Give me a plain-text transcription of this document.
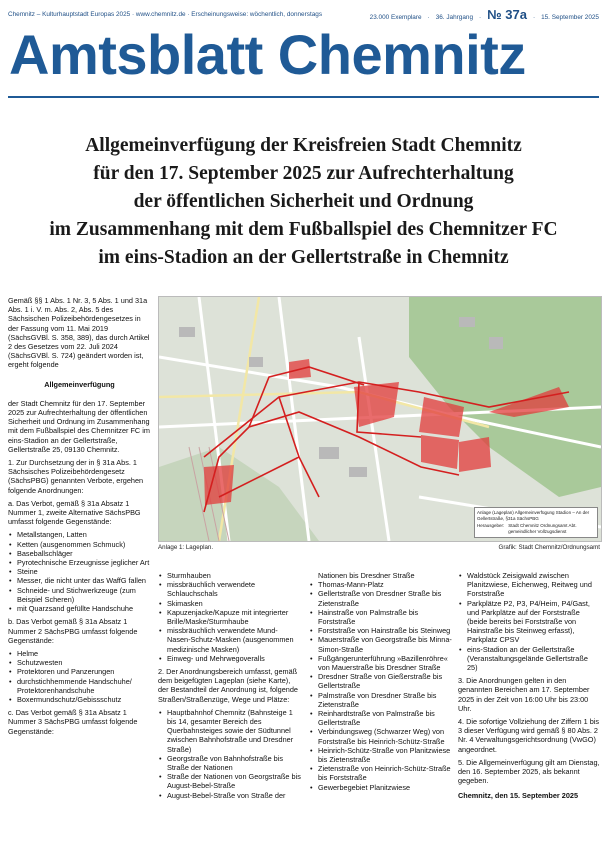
Chemnitz – Kulturhauptstadt Europas 2025 · www.chemnitz.de · Erscheinungsweise: wöchentlich, donnerstags	23.000 Exemplare · 36. Jahrgang · № 37a · 15. September 2025
Amtsblatt Chemnitz
Allgemeinverfügung der Kreisfreien Stadt Chemnitz
für den 17. September 2025 zur Aufrechterhaltung
der öffentlichen Sicherheit und Ordnung
im Zusammenhang mit dem Fußballspiel des Chemnitzer FC
im eins-Stadion an der Gellertstraße in Chemnitz

Gemäß §§ 1 Abs. 1 Nr. 3, 5 Abs. 1 und 31a Abs. 1 i. V. m. Abs. 2, Abs. 5 des Sächsischen Polizeibehördengesetzes in der Fassung vom 11. Mai 2019 (SächsGVBl. S. 358, 389), das durch Artikel 2 des Gesetzes vom 22. Juli 2024 (SächsGVBl. S. 724) geändert worden ist, ergeht folgende

Allgemeinverfügung

der Stadt Chemnitz für den 17. September 2025 zur Aufrechterhaltung der öffentlichen Sicherheit und Ordnung im Zusammenhang mit dem Fußballspiel des Chemnitzer FC im eins-Stadion an der Gellertstraße, Gellertstraße 25, 09130 Chemnitz.

1. Zur Durchsetzung der in § 31a Abs. 1 Sächsisches Polizeibehördengesetz (SächsPBG) genannten Verbote, ergehen folgende Anordnungen:

a. Das Verbot, gemäß § 31a Absatz 1 Nummer 1, zweite Alternative SächsPBG umfasst folgende Gegenstände:

• Metallstangen, Latten
• Ketten (ausgenommen Schmuck)
• Baseballschläger
• Pyrotechnische Erzeugnisse jeglicher Art
• Steine
• Messer, die nicht unter das WaffG fallen
• Schneide- und Stichwerkzeuge (zum Beispiel Scheren)
• mit Quarzsand gefüllte Handschuhe

b. Das Verbot gemäß § 31a Absatz 1 Nummer 2 SächsPBG umfasst folgende Gegenstände:

• Helme
• Schutzwesten
• Protektoren und Panzerungen
• durchstichhemmende Handschuhe/ Protektorenhandschuhe
• Boxermundschutz/Gebissschutz

c. Das Verbot gemäß § 31a Absatz 1 Nummer 3 SächsPBG umfasst folgende Gegenstände:

Anlage (Lageplan) Allgemeinverfügung Stadion – An der Gellertstraße, §31a SächsPBG
Herausgeber: Stadt Chemnitz Ordnungsamt Abt. gemeindlicher Vollzugsdienst
Anlage 1: Lageplan.	Grafik: Stadt Chemnitz/Ordnungsamt
• Sturmhauben
• missbräuchlich verwendete Schlauchschals
• Skimasken
• Kapuzenjacke/Kapuze mit integrierter Brille/Maske/Sturmhaube
• missbräuchlich verwendete Mund-Nasen-Schutz-Masken (ausgenommen medizinische Masken)
• Einweg- und Mehrwegoveralls

2. Der Anordnungsbereich umfasst, gemäß dem beigefügten Lageplan (siehe Karte), der Bestandteil der Anordnung ist, folgende Straßen/Straßenzüge, Wege und Plätze:

• Hauptbahnhof Chemnitz (Bahnsteige 1 bis 14, gesamter Bereich des Querbahnsteiges sowie der Südtunnel zwischen Bahnhofstraße und Dresdner Straße)
• Georgstraße von Bahnhofstraße bis Straße der Nationen
• Straße der Nationen von Georgstraße bis August-Bebel-Straße
• August-Bebel-Straße von Straße der

Nationen bis Dresdner Straße

• Thomas-Mann-Platz
• Gellertstraße von Dresdner Straße bis Zietenstraße
• Hainstraße von Palmstraße bis Forststraße
• Forststraße von Hainstraße bis Steinweg
• Mauerstraße von Georgstraße bis Minna-Simon-Straße
• Fußgängerunterführung »Bazillenröhre« von Mauerstraße bis Dresdner Straße
• Dresdner Straße von Gießerstraße bis Gellertstraße
• Palmstraße von Dresdner Straße bis Zietenstraße
• Reinhardtstraße von Palmstraße bis Gellertstraße
• Verbindungsweg (Schwarzer Weg) von Forststraße bis Heinrich-Schütz-Straße
• Heinrich-Schütz-Straße von Planitzwiese bis Zietenstraße
• Zietenstraße von Heinrich-Schütz-Straße bis Forststraße
• Gewerbegebiet Planitzwiese
• Waldstück Zeisigwald zwischen Planitzwiese, Eichenweg, Reitweg und Forststraße
• Parkplätze P2, P3, P4/Heim, P4/Gast, und Parkplätze auf der Forststraße (beide bereits bei Forststraße von Hainstraße bis Steinweg erfasst), Parkplatz CPSV
• eins-Stadion an der Gellertstraße (Veranstaltungsgelände Gellertstraße 25)

3. Die Anordnungen gelten in den genannten Bereichen am 17. September 2025 in der Zeit von 16:00 Uhr bis 23:00 Uhr.

4. Die sofortige Vollziehung der Ziffern 1 bis 3 dieser Verfügung wird gemäß § 80 Abs. 2 Nr. 4 Verwaltungsgerichtsordnung (VwGO) angeordnet.

5. Die Allgemeinverfügung gilt am Dienstag, den 16. September 2025, als bekannt gegeben.

Chemnitz, den 15. September 2025
